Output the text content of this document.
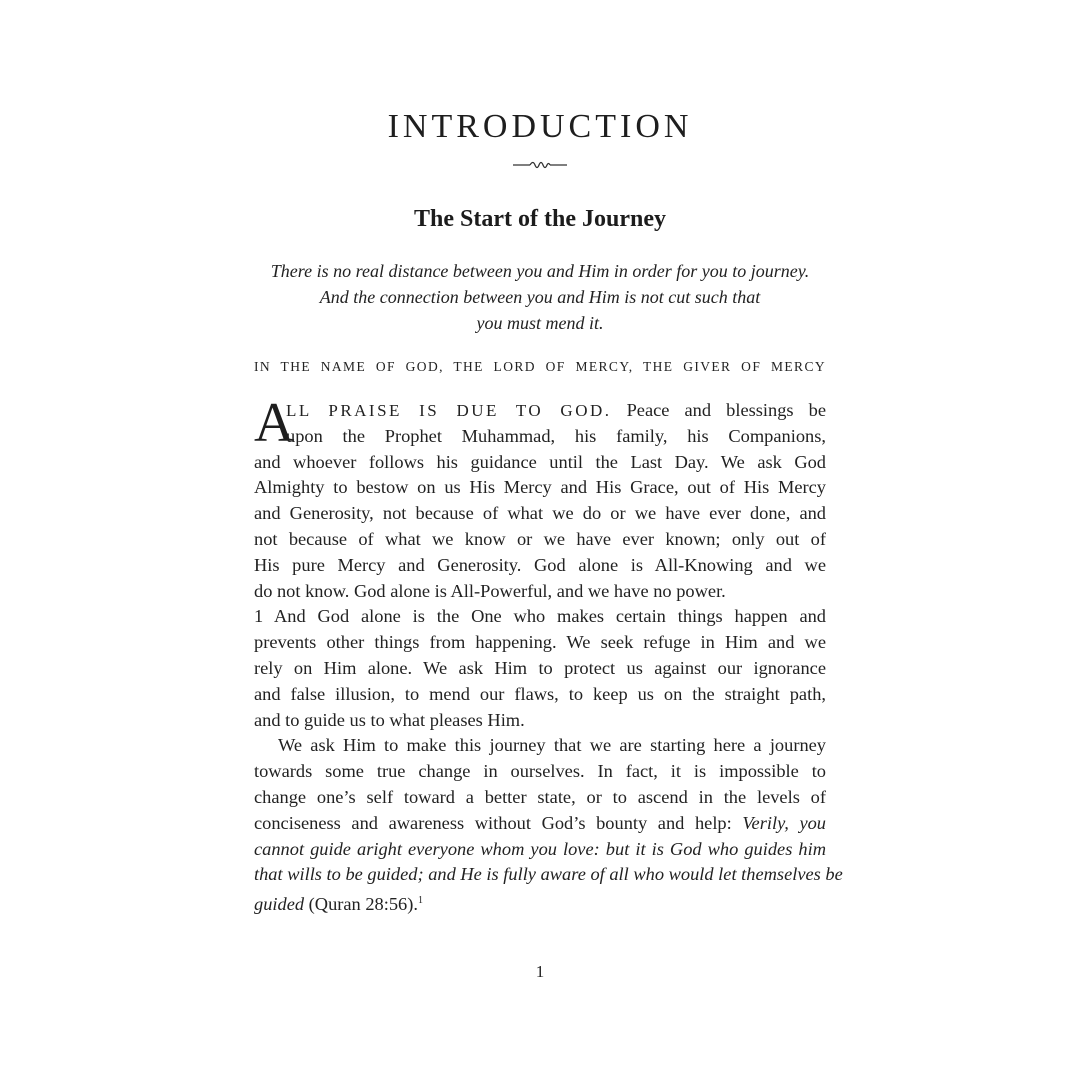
INTRODUCTION
The Start of the Journey
There is no real distance between you and Him in order for you to journey.
And the connection between you and Him is not cut such that
you must mend it.
IN THE NAME OF GOD, THE LORD OF MERCY, THE GIVER OF MERCY
A
LL PRAISE IS DUE TO GOD. Peace and blessings be
upon the Prophet Muhammad, his family, his Companions,
and whoever follows his guidance until the Last Day. We ask God
Almighty to bestow on us His Mercy and His Grace, out of His Mercy
and Generosity, not because of what we do or we have ever done, and
not because of what we know or we have ever known; only out of
His pure Mercy and Generosity. God alone is All-Knowing and we
do not know. God alone is All-Powerful, and we have no power.
1 And God alone is the One who makes certain things happen and
prevents other things from happening. We seek refuge in Him and we
rely on Him alone. We ask Him to protect us against our ignorance
and false illusion, to mend our flaws, to keep us on the straight path,
and to guide us to what pleases Him.
We ask Him to make this journey that we are starting here a journey
towards some true change in ourselves. In fact, it is impossible to
change one’s self toward a better state, or to ascend in the levels of
conciseness and awareness without God’s bounty and help: Verily, you
cannot guide aright everyone whom you love: but it is God who guides him
that wills to be guided; and He is fully aware of all who would let themselves be
guided (Quran 28:56).$^1$
1
